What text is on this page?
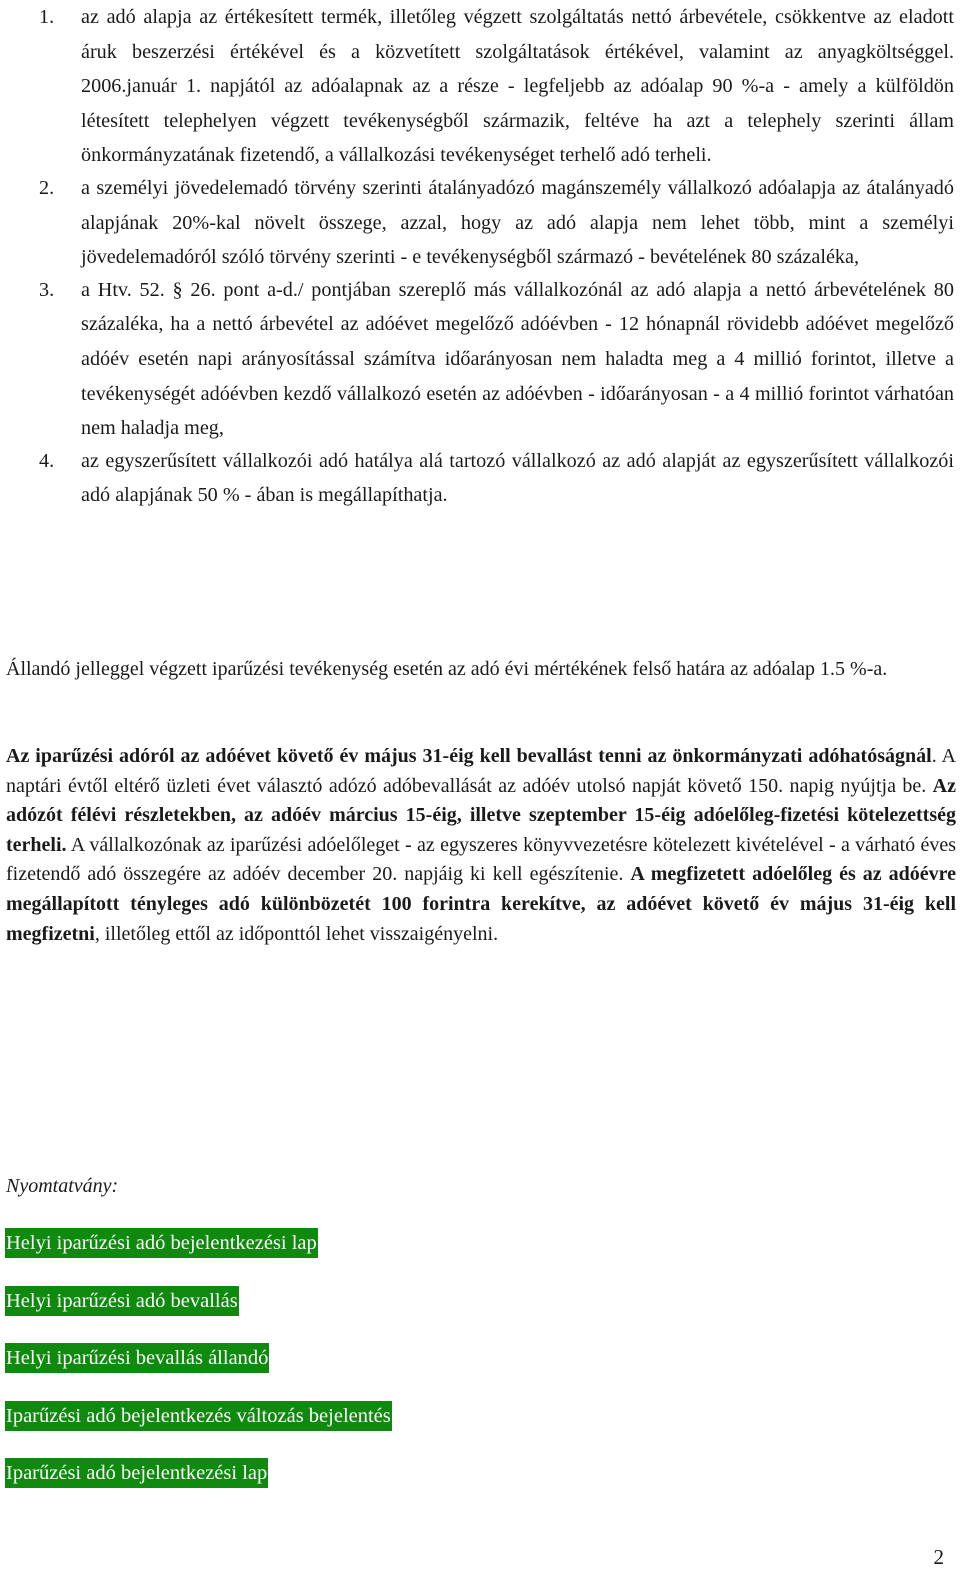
1. az adó alapja az értékesített termék, illetőleg végzett szolgáltatás nettó árbevétele, csökkentve az eladott áruk beszerzési értékével és a közvetített szolgáltatások értékével, valamint az anyagköltséggel. 2006.január 1. napjától az adóalapnak az a része - legfeljebb az adóalap 90 %-a - amely a külföldön létesített telephelyen végzett tevékenységből származik, feltéve ha azt a telephely szerinti állam önkormányzatának fizetendő, a vállalkozási tevékenységet terhelő adó terheli.
2. a személyi jövedelemadó törvény szerinti átalányadózó magánszemély vállalkozó adóalapja az átalányadó alapjának 20%-kal növelt összege, azzal, hogy az adó alapja nem lehet több, mint a személyi jövedelemadóról szóló törvény szerinti - e tevékenységből származó - bevételének 80 százaléka,
3. a Htv. 52. § 26. pont a-d./ pontjában szereplő más vállalkozónál az adó alapja a nettó árbevételének 80 százaléka, ha a nettó árbevétel az adóévet megelőző adóévben - 12 hónapnál rövidebb adóévet megelőző adóév esetén napi arányosítással számítva időarányosan nem haladta meg a 4 millió forintot, illetve a tevékenységét adóévben kezdő vállalkozó esetén az adóévben - időarányosan - a 4 millió forintot várhatóan nem haladja meg,
4. az egyszerűsített vállalkozói adó hatálya alá tartozó vállalkozó az adó alapját az egyszerűsített vállalkozói adó alapjának 50 % - ában is megállapíthatja.

Állandó jelleggel végzett iparűzési tevékenység esetén az adó évi mértékének felső határa az adóalap 1.5 %-a.

Az iparűzési adóról az adóévet követő év május 31-éig kell bevallást tenni az önkormányzati adóhatóságnál. A naptári évtől eltérő üzleti évet választó adózó adóbevallását az adóév utolsó napját követő 150. napig nyújtja be. Az adózót félévi részletekben, az adóév március 15-éig, illetve szeptember 15-éig adóelőleg-fizetési kötelezettség terheli. A vállalkozónak az iparűzési adóelőleget - az egyszeres könyvvezetésre kötelezett kivételével - a várható éves fizetendő adó összegére az adóév december 20. napjáig ki kell egészítenie. A megfizetett adóelőleg és az adóévre megállapított tényleges adó különbözetét 100 forintra kerekítve, az adóévet követő év május 31-éig kell megfizetni, illetőleg ettől az időponttól lehet visszaigényelni.

Nyomtatvány:
Helyi iparűzési adó bejelentkezési lap
Helyi iparűzési adó bevallás
Helyi iparűzési bevallás állandó
Iparűzési adó bejelentkezés változás bejelentés
Iparűzési adó bejelentkezési lap
2
